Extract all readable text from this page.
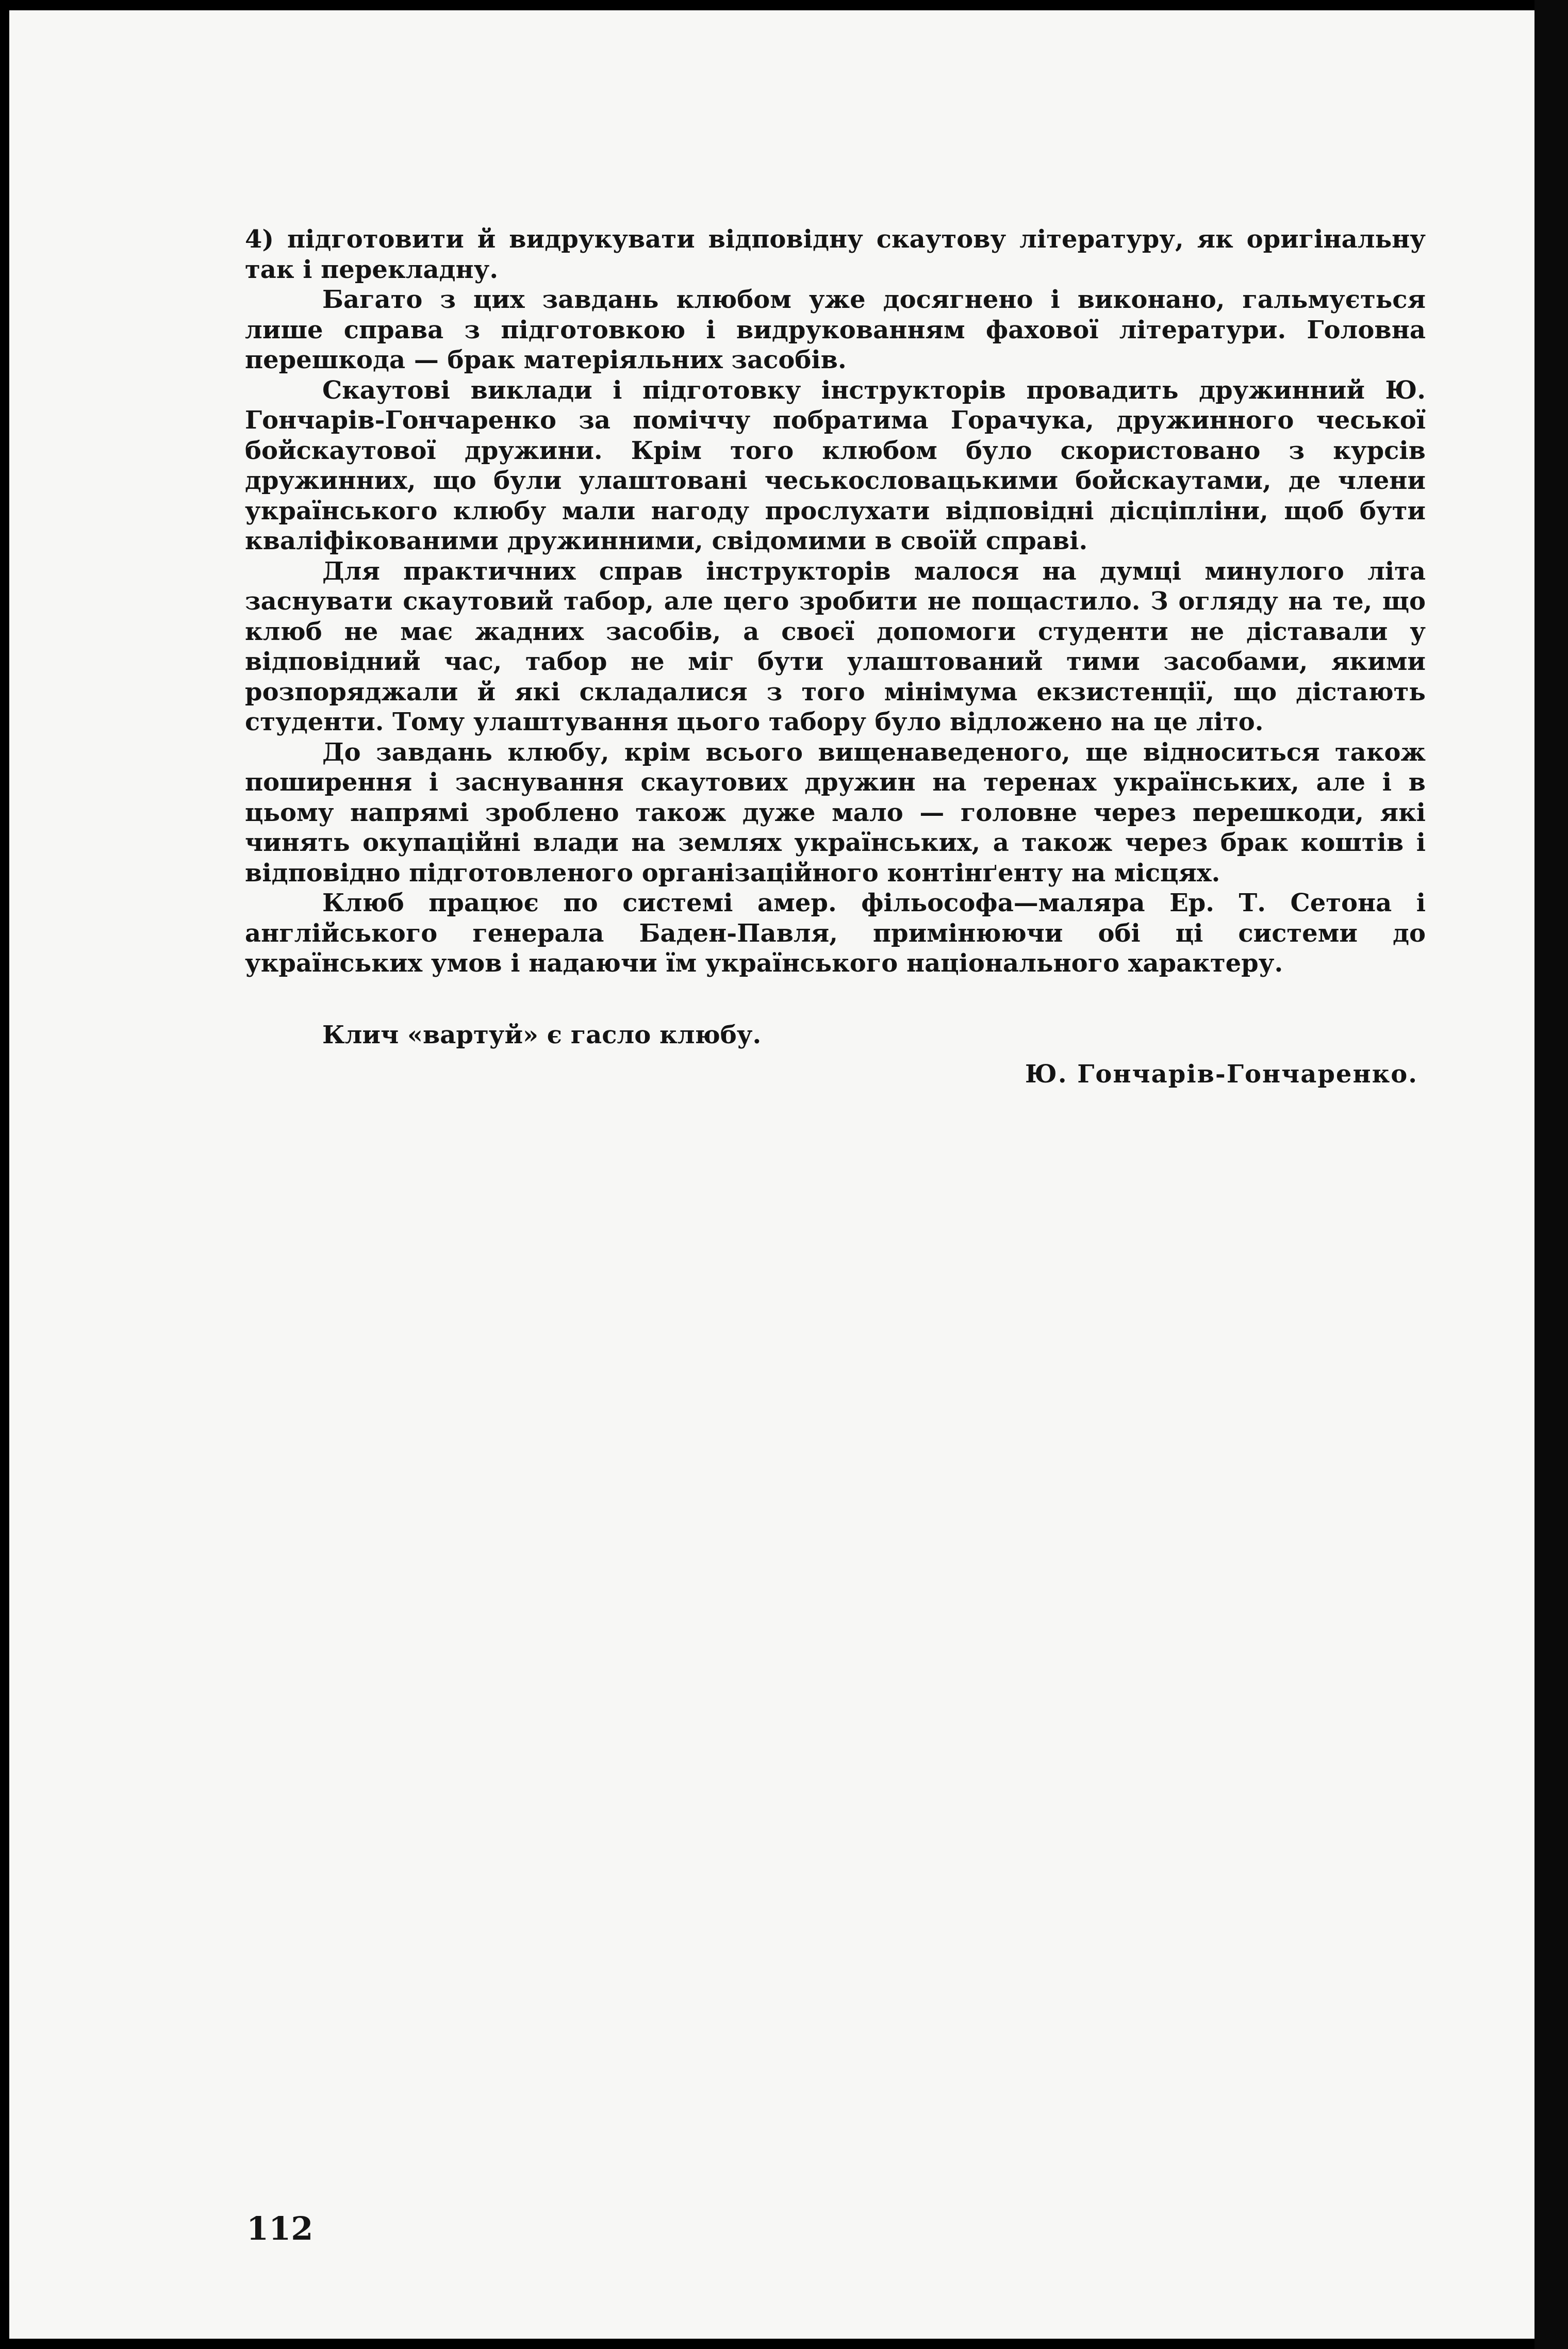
4) підготовити й видрукувати відповідну скаутову літературу, як оригінальну так і перекладну.

Багато з цих завдань клюбом уже досягнено і виконано, гальмується лише справа з підготовкою і видрукованням фахової літератури. Головна перешкода — брак матеріяльних засобів.

Скаутові виклади і підготовку інструкторів провадить дружинний Ю. Гончарів-Гончаренко за поміччу побратима Горачука, дружинного чеської бойскаутової дружини. Крім того клюбом було скористовано з курсів дружинних, що були улаштовані чеськословацькими бойскаутами, де члени українського клюбу мали нагоду прослухати відповідні дісціпліни, щоб бути кваліфікованими дружинними, свідомими в своїй справі.

Для практичних справ інструкторів малося на думці минулого літа заснувати скаутовий табор, але цего зробити не пощастило. З огляду на те, що клюб не має жадних засобів, а своєї допомоги студенти не діставали у відповідний час, табор не міг бути улаштований тими засобами, якими розпоряджали й які складалися з того мінімума екзистенції, що дістають студенти. Тому улаштування цього табору було відложено на це літо.

До завдань клюбу, крім всього вищенаведеного, ще відноситься також поширення і заснування скаутових дружин на теренах українських, але і в цьому напрямі зроблено також дуже мало — головне через перешкоди, які чинять окупаційні влади на землях українських, а також через брак коштів і відповідно підготовленого організаційного контінґенту на місцях.

Клюб працює по системі амер. фільософа—маляра Ер. Т. Сетона і англійського генерала Баден-Павля, примінюючи обі ці системи до українських умов і надаючи їм українського національного характеру.

Клич «вартуй» є гасло клюбу.
Ю. Гончарів-Гончаренко.
112
